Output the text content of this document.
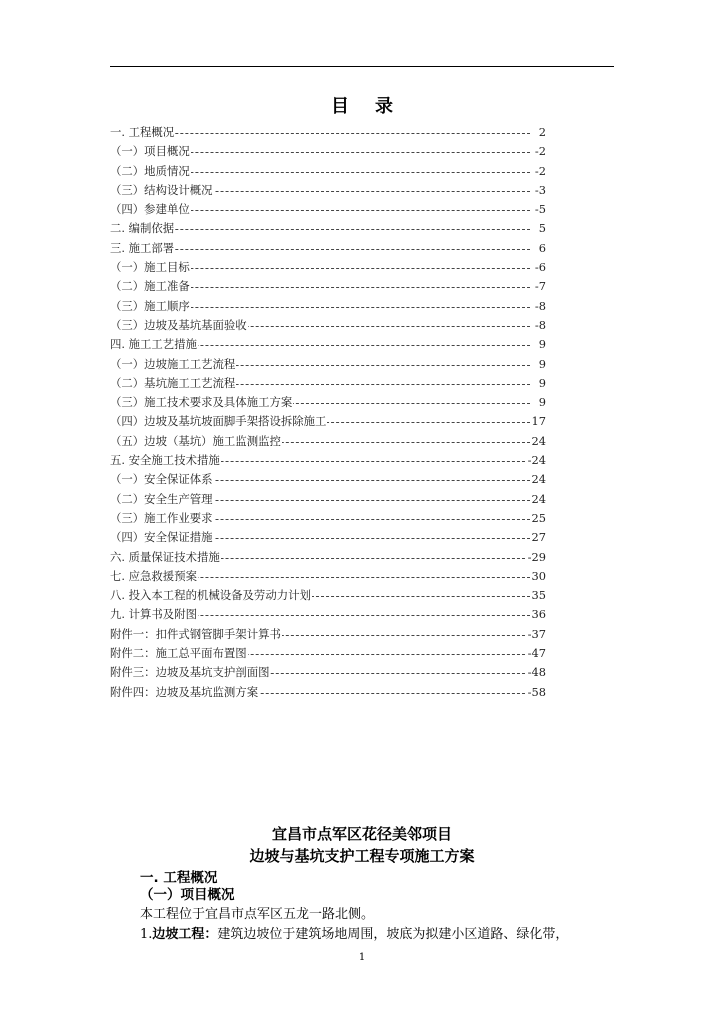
目 录
一. 工程概况	2
（一）项目概况	-2
（二）地质情况	-2
（三）结构设计概况	-3
（四）参建单位	-5
二. 编制依据	5
三. 施工部署	6
（一）施工目标	-6
（二）施工准备	-7
（三）施工顺序	-8
（三）边坡及基坑基面验收	-8
四. 施工工艺措施	9
（一）边坡施工工艺流程	9
（二）基坑施工工艺流程	9
（三）施工技术要求及具体施工方案	9
（四）边坡及基坑坡面脚手架搭设拆除施工	17
（五）边坡（基坑）施工监测监控	24
五. 安全施工技术措施	-24
（一）安全保证体系	24
（二）安全生产管理	24
（三）施工作业要求	25
（四）安全保证措施	27
六. 质量保证技术措施	-29
七. 应急救援预案	30
八. 投入本工程的机械设备及劳动力计划	35
九. 计算书及附图	36
附件一：扣件式钢管脚手架计算书	-37
附件二：施工总平面布置图	-47
附件三：边坡及基坑支护剖面图	-48
附件四：边坡及基坑监测方案	-58
宜昌市点军区花径美邻项目
边坡与基坑支护工程专项施工方案
一. 工程概况
（一）项目概况
本工程位于宜昌市点军区五龙一路北侧。
1.边坡工程：建筑边坡位于建筑场地周围，坡底为拟建小区道路、绿化带，
1
